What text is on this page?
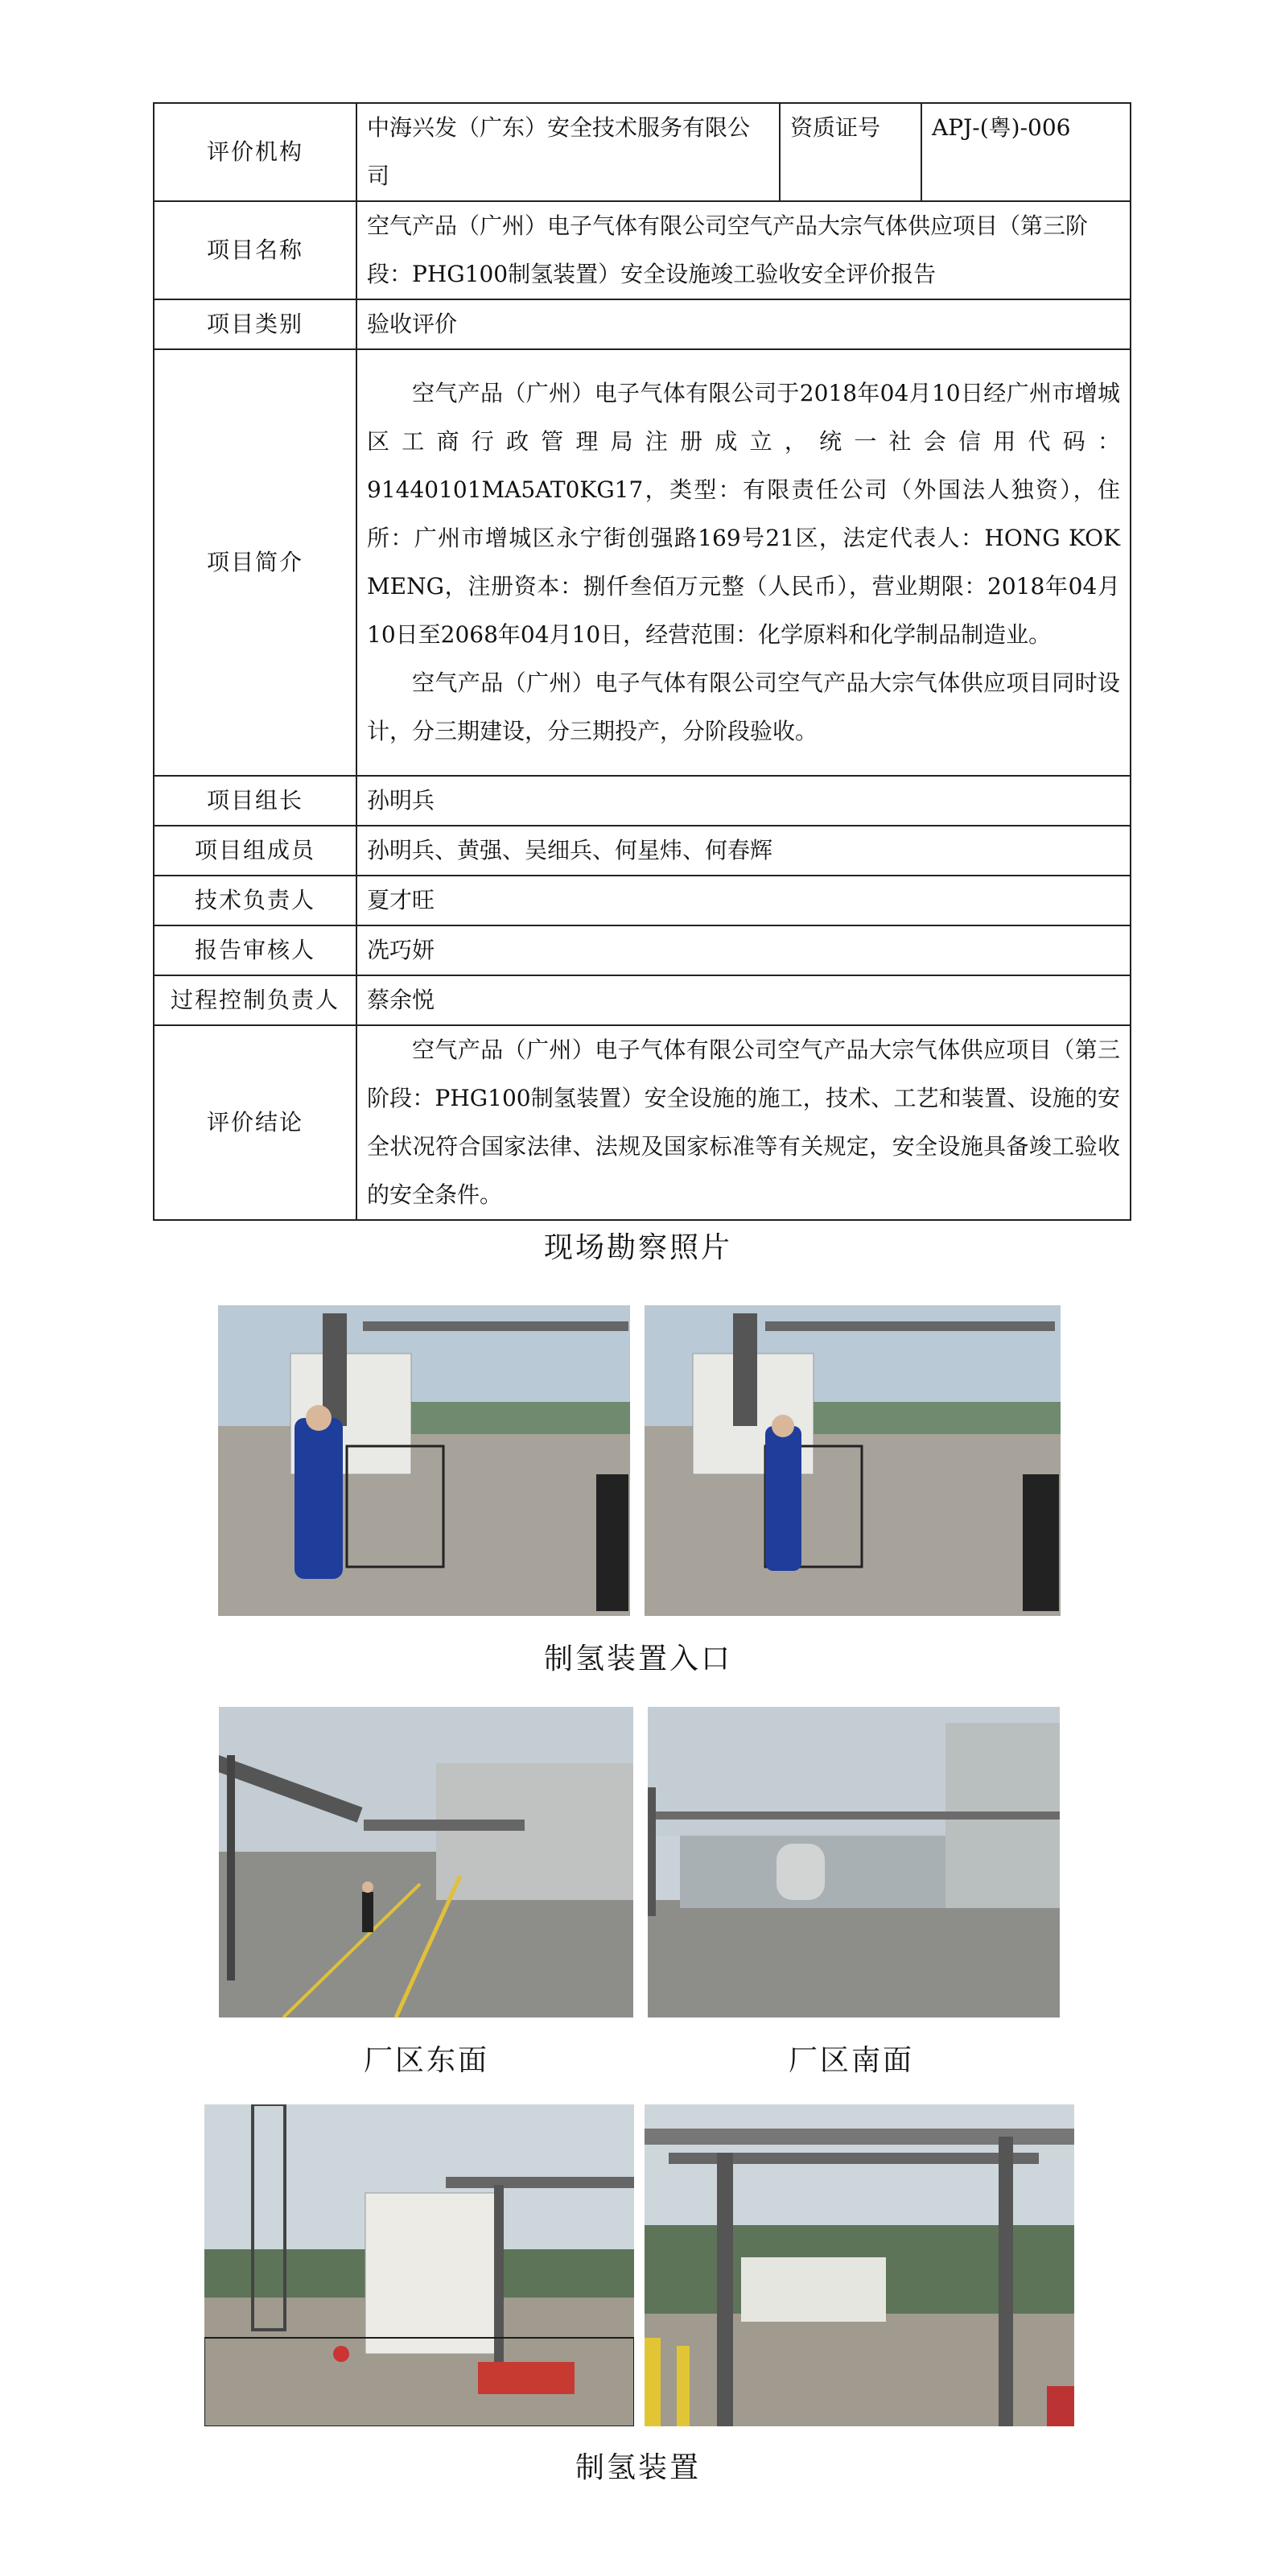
评价机构	中海兴发（广东）安全技术服务有限公司	资质证号	APJ-(粤)-006
项目名称	空气产品（广州）电子气体有限公司空气产品大宗气体供应项目（第三阶段：PHG100制氢装置）安全设施竣工验收安全评价报告		
项目类别	验收评价		
项目简介	空气产品（广州）电子气体有限公司于2018年04月10日经广州市增城区工商行政管理局注册成立，统一社会信用代码：91440101MA5AT0KG17，类型：有限责任公司（外国法人独资），住所：广州市增城区永宁街创强路169号21区，法定代表人：HONG KOK MENG，注册资本：捌仟叁佰万元整（人民币），营业期限：2018年04月10日至2068年04月10日，经营范围：化学原料和化学制品制造业。

空气产品（广州）电子气体有限公司空气产品大宗气体供应项目同时设计，分三期建设，分三期投产，分阶段验收。		

项目组长	孙明兵		
项目组成员	孙明兵、黄强、吴细兵、何星炜、何春辉		
技术负责人	夏才旺		
报告审核人	冼巧妍		
过程控制负责人	蔡余悦		
评价结论	空气产品（广州）电子气体有限公司空气产品大宗气体供应项目（第三阶段：PHG100制氢装置）安全设施的施工，技术、工艺和装置、设施的安全状况符合国家法律、法规及国家标准等有关规定，安全设施具备竣工验收的安全条件。		

现场勘察照片
制氢装置入口
厂区东面	厂区南面
制氢装置
